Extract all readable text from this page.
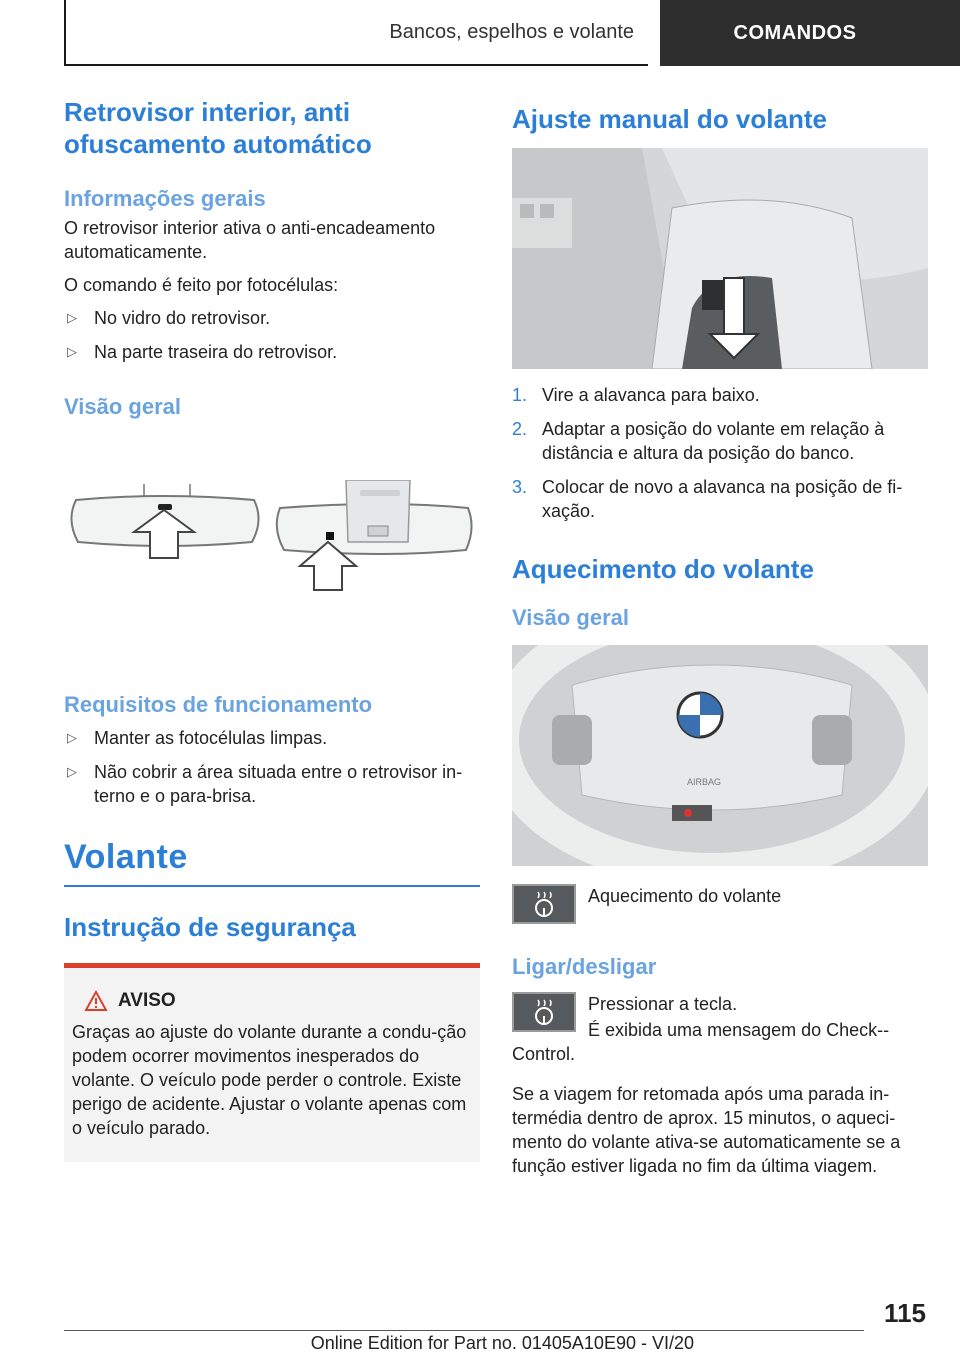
Bancos, espelhos e volante	COMANDOS
Retrovisor interior, anti ofuscamento automático
Informações gerais

O retrovisor interior ativa o anti-encadeamento automaticamente.

O comando é feito por fotocélulas:

▷ No vidro do retrovisor.
▷ Na parte traseira do retrovisor.
Visão geral
Requisitos de funcionamento
▷ Manter as fotocélulas limpas.
▷ Não cobrir a área situada entre o retrovisor in-terno e o para-brisa.
Volante
Instrução de segurança
AVISO

Graças ao ajuste do volante durante a condu-ção podem ocorrer movimentos inesperados do volante. O veículo pode perder o controle. Existe perigo de acidente. Ajustar o volante apenas com o veículo parado.

Ajuste manual do volante
1. Vire a alavanca para baixo.
2. Adaptar a posição do volante em relação à distância e altura da posição do banco.
3. Colocar de novo a alavanca na posição de fi-xação.
Aquecimento do volante
Visão geral
AIRBAG
Aquecimento do volante
Ligar/desligar

Pressionar a tecla.

É exibida uma mensagem do Check--Control.

Se a viagem for retomada após uma parada in-termédia dentro de aprox. 15 minutos, o aqueci-mento do volante ativa-se automaticamente se a função estiver ligada no fim da última viagem.

115
Online Edition for Part no. 01405A10E90 - VI/20
